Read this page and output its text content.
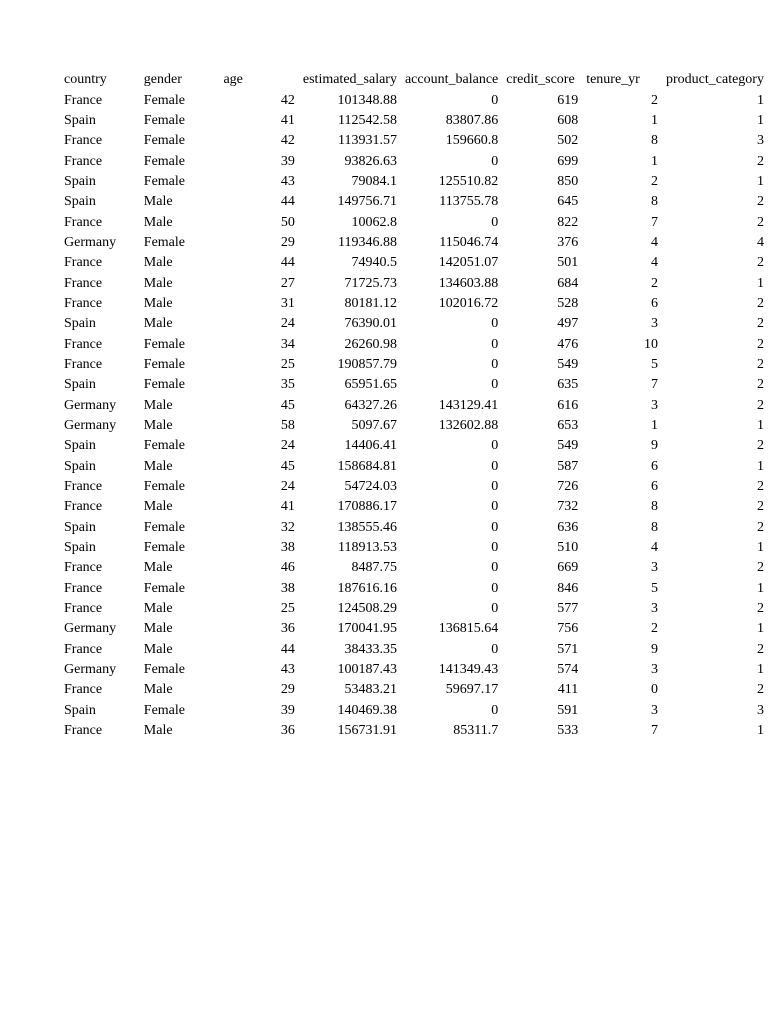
country	gender	age	estimated_salary	account_balance	credit_score	tenure_yr	product_category
France	Female	42	101348.88	0	619	2	1
Spain	Female	41	112542.58	83807.86	608	1	1
France	Female	42	113931.57	159660.8	502	8	3
France	Female	39	93826.63	0	699	1	2
Spain	Female	43	79084.1	125510.82	850	2	1
Spain	Male	44	149756.71	113755.78	645	8	2
France	Male	50	10062.8	0	822	7	2
Germany	Female	29	119346.88	115046.74	376	4	4
France	Male	44	74940.5	142051.07	501	4	2
France	Male	27	71725.73	134603.88	684	2	1
France	Male	31	80181.12	102016.72	528	6	2
Spain	Male	24	76390.01	0	497	3	2
France	Female	34	26260.98	0	476	10	2
France	Female	25	190857.79	0	549	5	2
Spain	Female	35	65951.65	0	635	7	2
Germany	Male	45	64327.26	143129.41	616	3	2
Germany	Male	58	5097.67	132602.88	653	1	1
Spain	Female	24	14406.41	0	549	9	2
Spain	Male	45	158684.81	0	587	6	1
France	Female	24	54724.03	0	726	6	2
France	Male	41	170886.17	0	732	8	2
Spain	Female	32	138555.46	0	636	8	2
Spain	Female	38	118913.53	0	510	4	1
France	Male	46	8487.75	0	669	3	2
France	Female	38	187616.16	0	846	5	1
France	Male	25	124508.29	0	577	3	2
Germany	Male	36	170041.95	136815.64	756	2	1
France	Male	44	38433.35	0	571	9	2
Germany	Female	43	100187.43	141349.43	574	3	1
France	Male	29	53483.21	59697.17	411	0	2
Spain	Female	39	140469.38	0	591	3	3
France	Male	36	156731.91	85311.7	533	7	1
